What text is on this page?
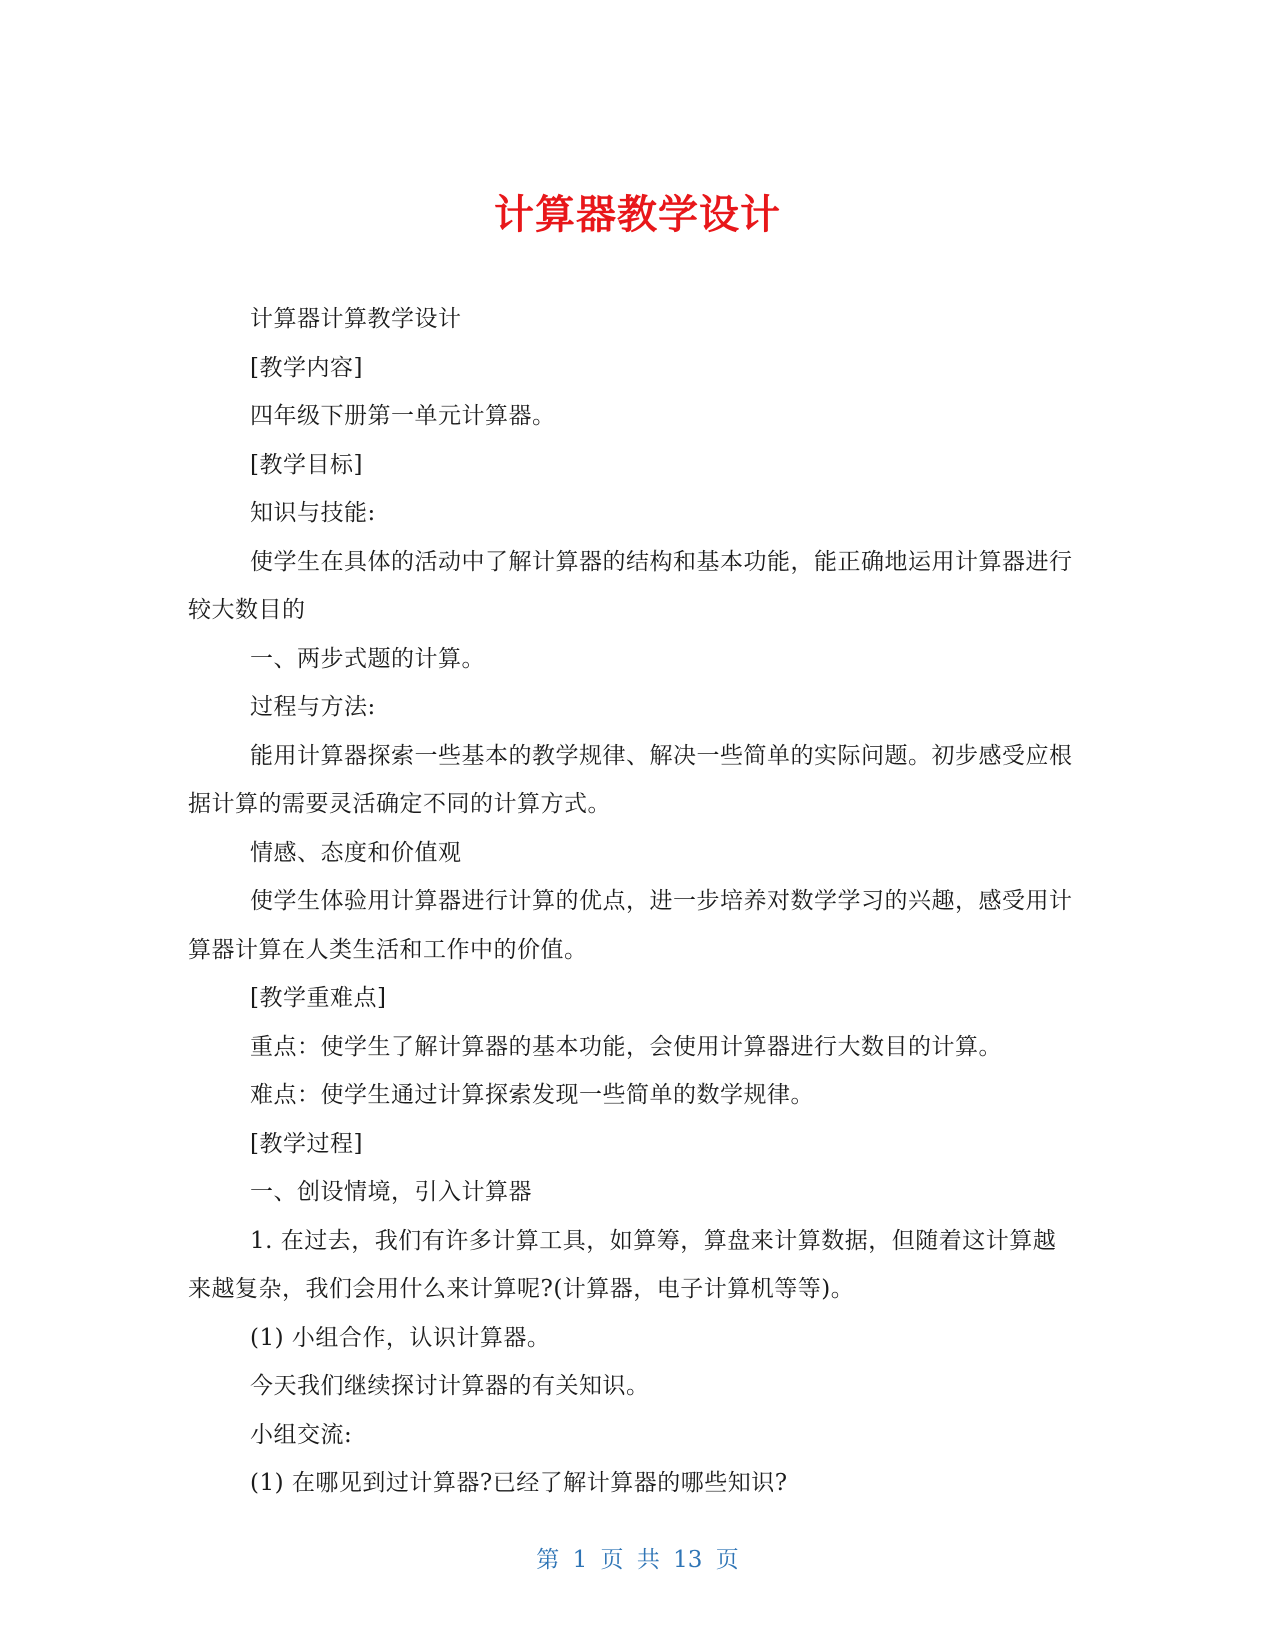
计算器教学设计

计算器计算教学设计

[教学内容]

四年级下册第一单元计算器。

[教学目标]

知识与技能:

使学生在具体的活动中了解计算器的结构和基本功能，能正确地运用计算器进行较大数目的

一、两步式题的计算。

过程与方法:

能用计算器探索一些基本的教学规律、解决一些简单的实际问题。初步感受应根据计算的需要灵活确定不同的计算方式。

情感、态度和价值观

使学生体验用计算器进行计算的优点，进一步培养对数学学习的兴趣，感受用计算器计算在人类生活和工作中的价值。

[教学重难点]

重点：使学生了解计算器的基本功能，会使用计算器进行大数目的计算。

难点：使学生通过计算探索发现一些简单的数学规律。

[教学过程]

一、创设情境，引入计算器

1. 在过去，我们有许多计算工具，如算筹，算盘来计算数据，但随着这计算越来越复杂，我们会用什么来计算呢?(计算器，电子计算机等等)。

(1) 小组合作，认识计算器。

今天我们继续探讨计算器的有关知识。

小组交流:

(1) 在哪见到过计算器?已经了解计算器的哪些知识?

第 1 页 共 13 页
